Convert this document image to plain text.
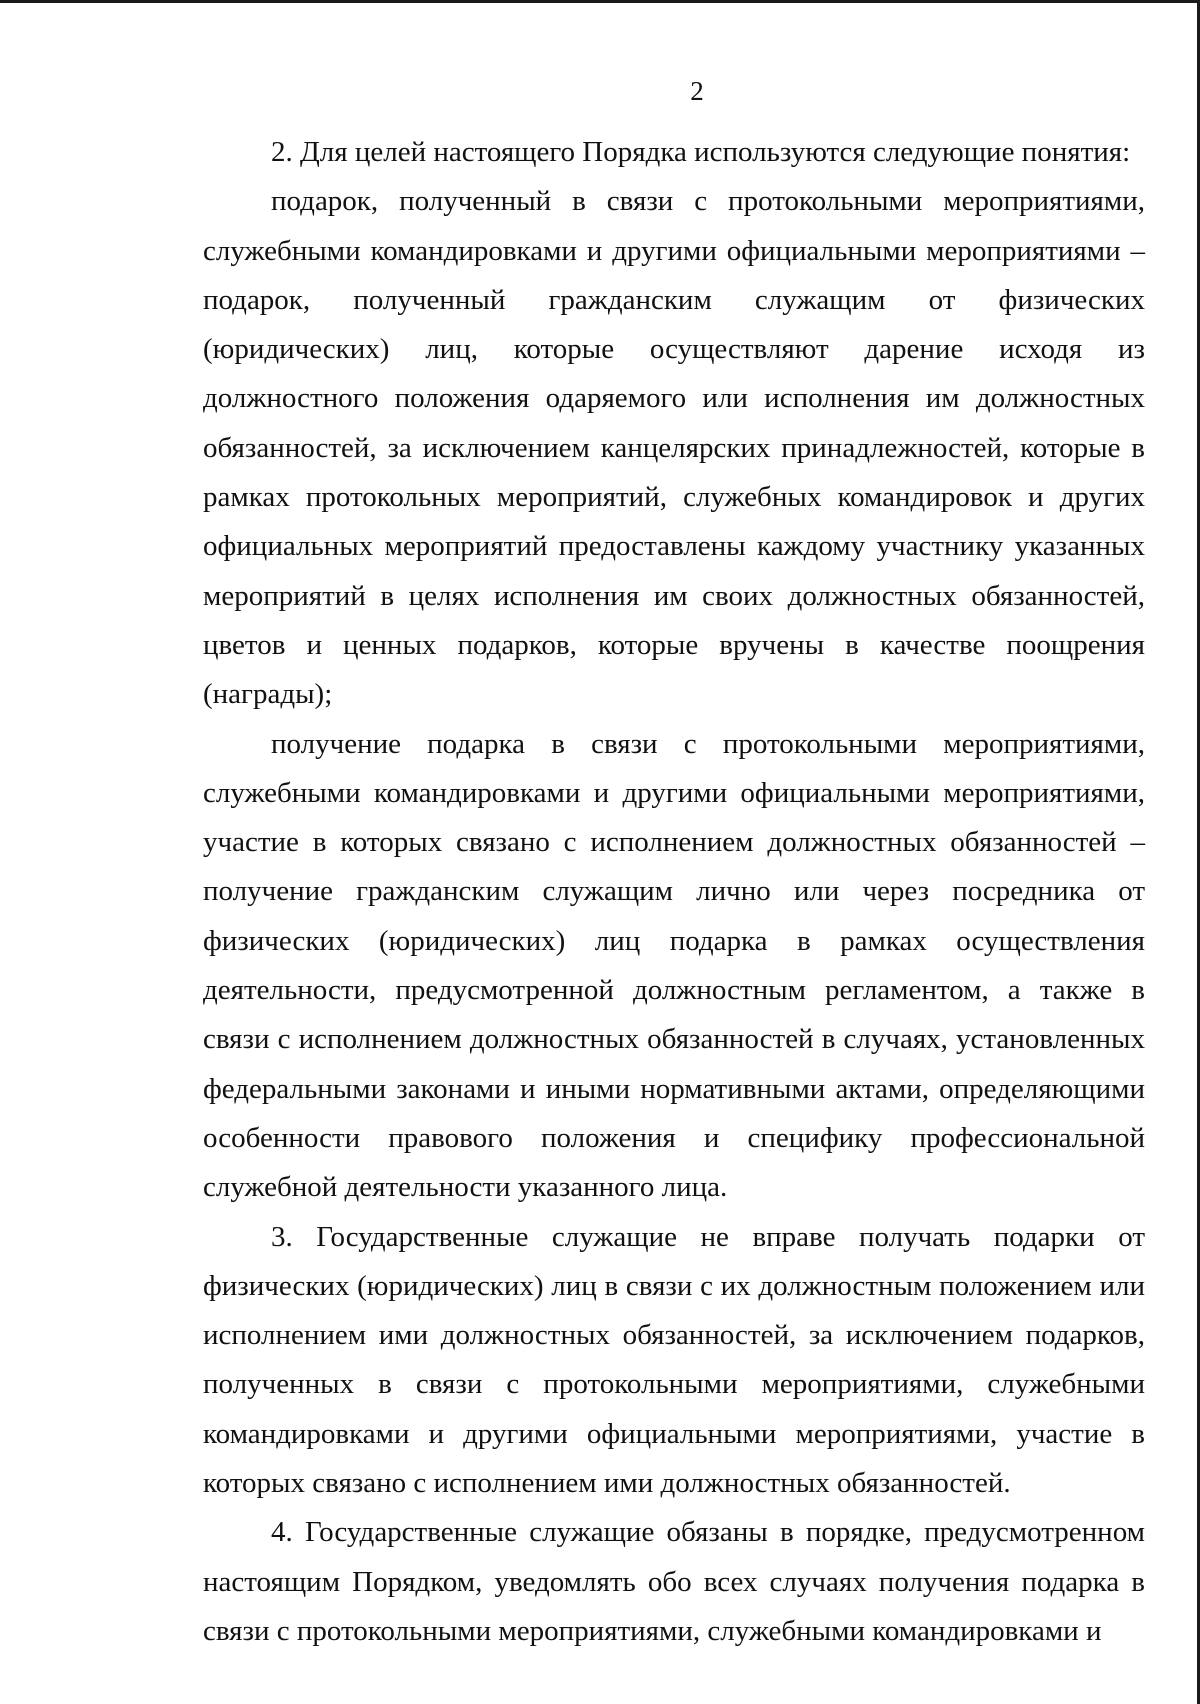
2

2. Для целей настоящего Порядка используются следующие понятия:

подарок, полученный в связи с протокольными мероприятиями, служебными командировками и другими официальными мероприятиями – подарок, полученный гражданским служащим от физических (юридических) лиц, которые осуществляют дарение исходя из должностного положения одаряемого или исполнения им должностных обязанностей, за исключением канцелярских принадлежностей, которые в рамках протокольных мероприятий, служебных командировок и других официальных мероприятий предоставлены каждому участнику указанных мероприятий в целях исполнения им своих должностных обязанностей, цветов и ценных подарков, которые вручены в качестве поощрения (награды);

получение подарка в связи с протокольными мероприятиями, служебными командировками и другими официальными мероприятиями, участие в которых связано с исполнением должностных обязанностей – получение гражданским служащим лично или через посредника от физических (юридических) лиц подарка в рамках осуществления деятельности, предусмотренной должностным регламентом, а также в связи с исполнением должностных обязанностей в случаях, установленных федеральными законами и иными нормативными актами, определяющими особенности правового положения и специфику профессиональной служебной деятельности указанного лица.

3. Государственные служащие не вправе получать подарки от физических (юридических) лиц в связи с их должностным положением или исполнением ими должностных обязанностей, за исключением подарков, полученных в связи с протокольными мероприятиями, служебными командировками и другими официальными мероприятиями, участие в которых связано с исполнением ими должностных обязанностей.

4. Государственные служащие обязаны в порядке, предусмотренном настоящим Порядком, уведомлять обо всех случаях получения подарка в связи с протокольными мероприятиями, служебными командировками и
